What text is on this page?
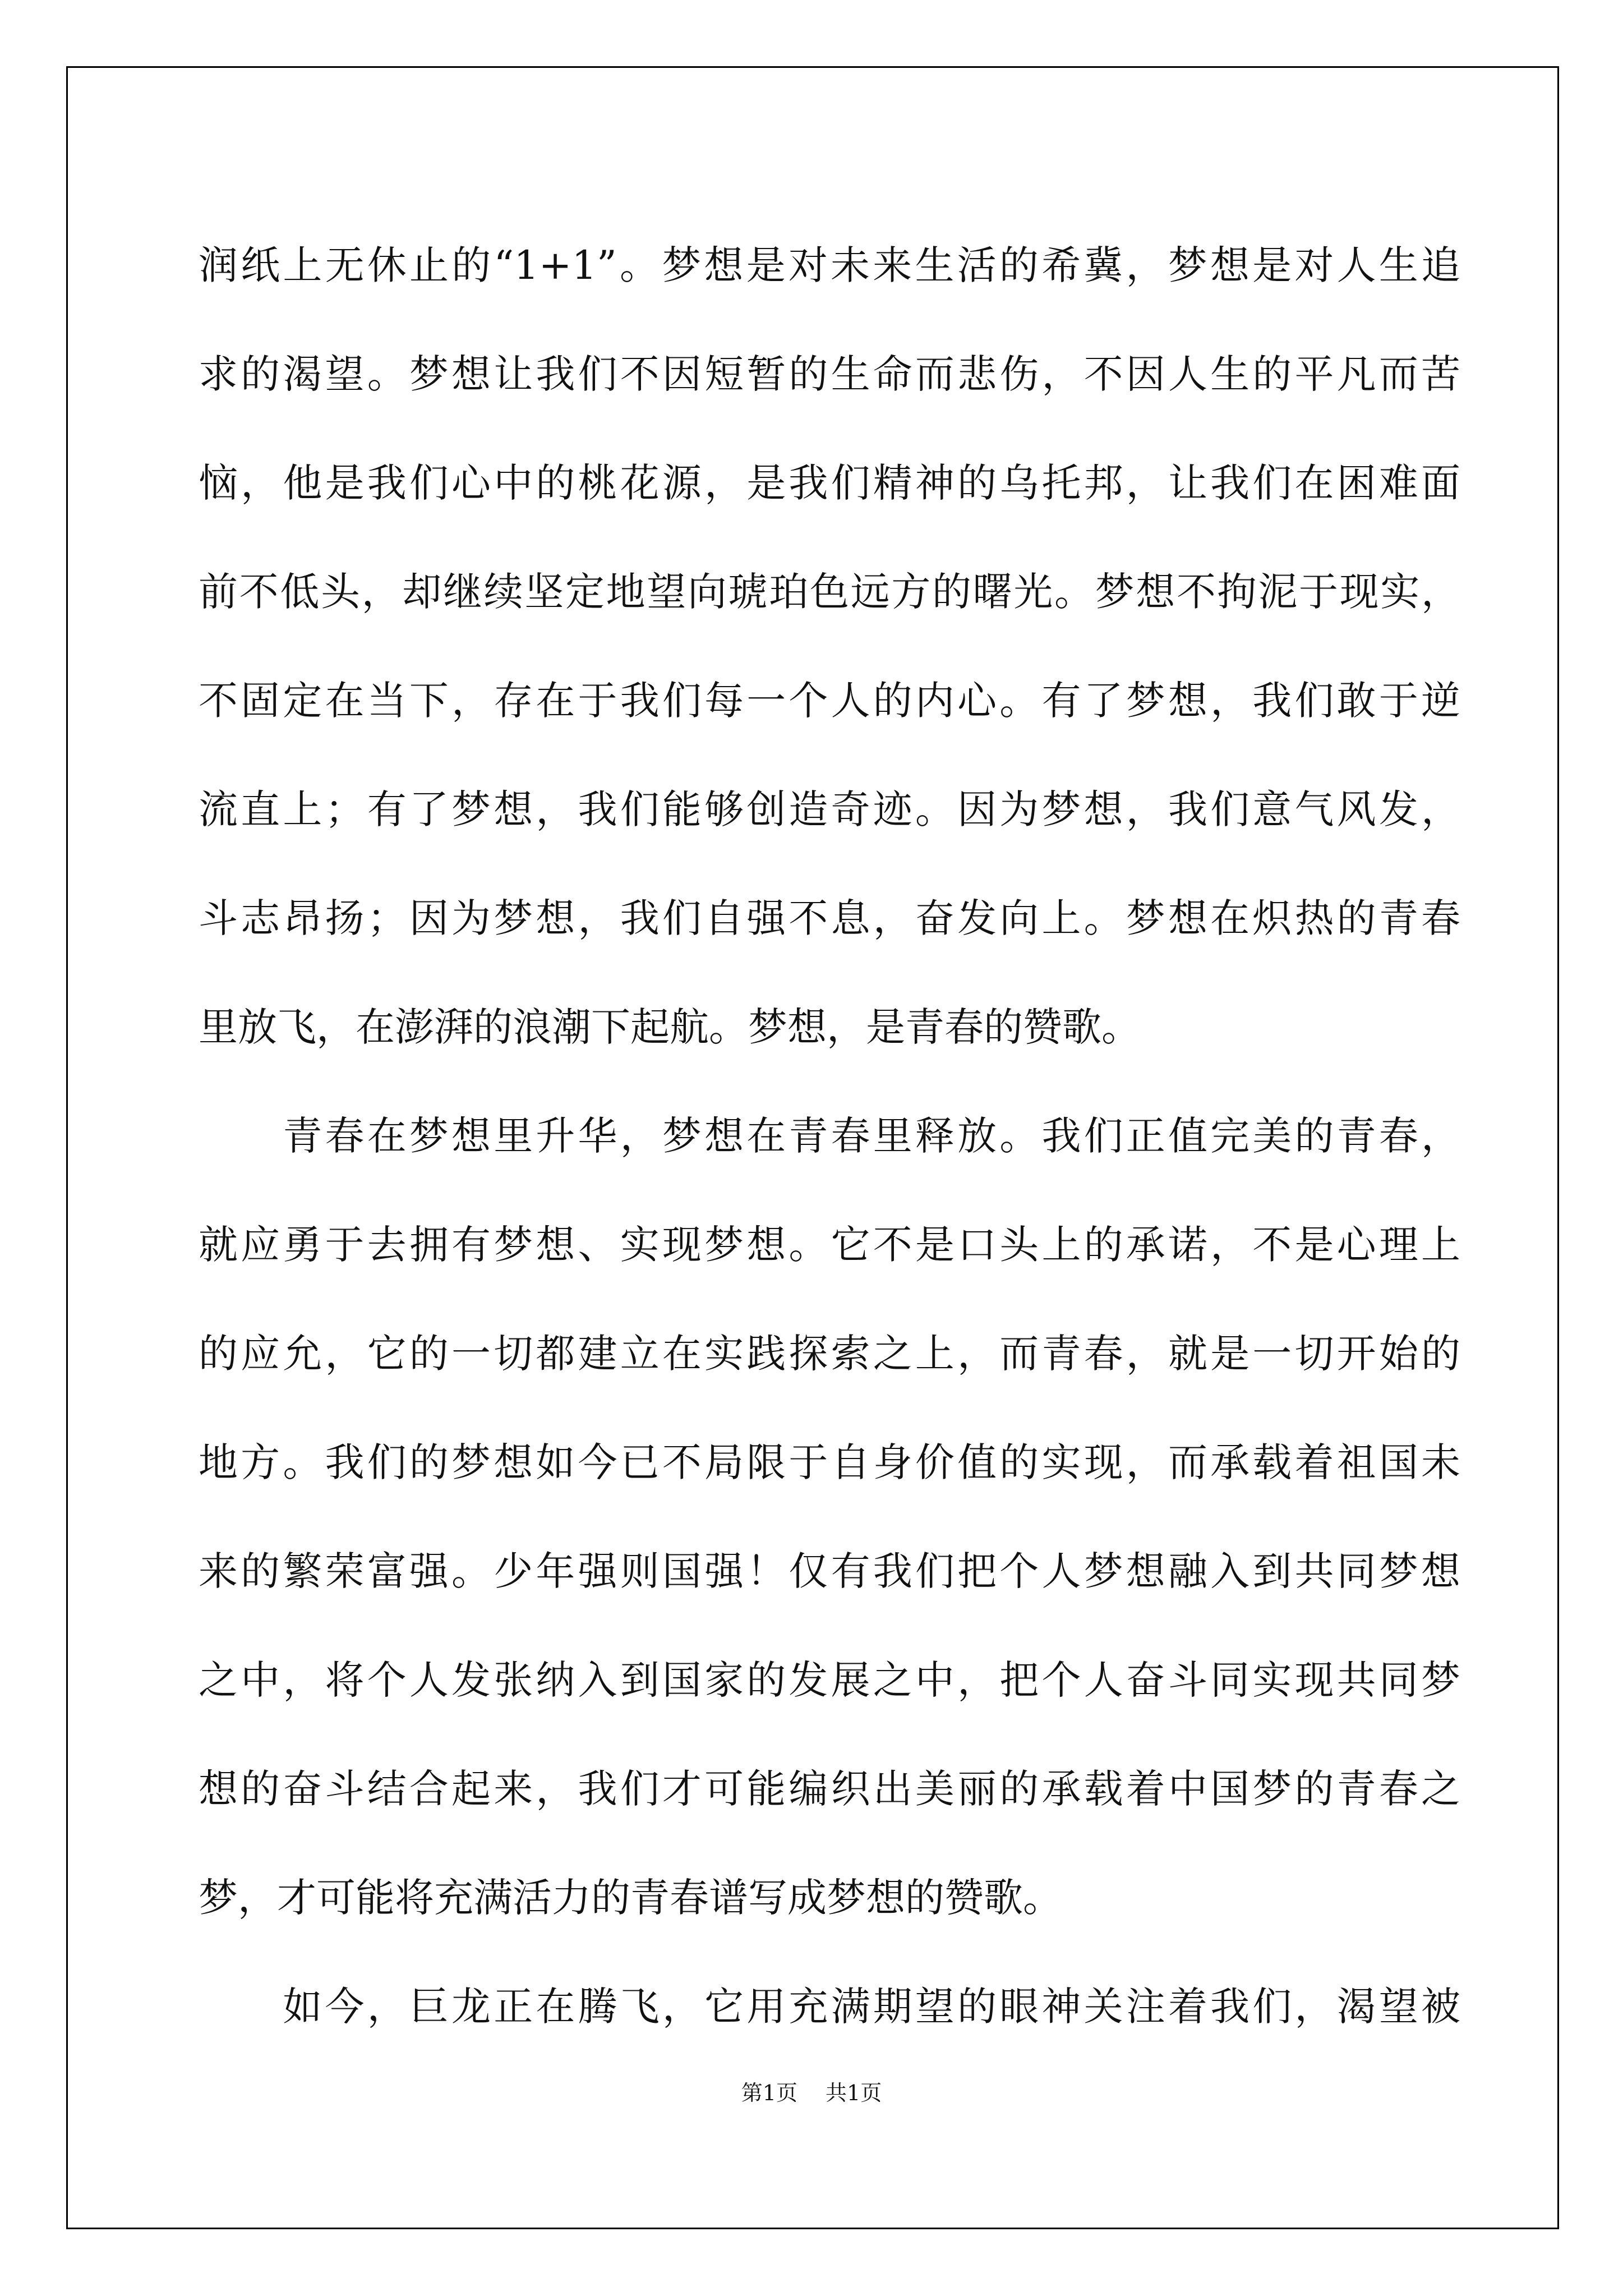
润纸上无休止的“1+1”。梦想是对未来生活的希冀，梦想是对人生追
求的渴望。梦想让我们不因短暂的生命而悲伤，不因人生的平凡而苦
恼，他是我们心中的桃花源，是我们精神的乌托邦，让我们在困难面
前不低头，却继续坚定地望向琥珀色远方的曙光。梦想不拘泥于现实，
不固定在当下，存在于我们每一个人的内心。有了梦想，我们敢于逆
流直上；有了梦想，我们能够创造奇迹。因为梦想，我们意气风发，
斗志昂扬；因为梦想，我们自强不息，奋发向上。梦想在炽热的青春
里放飞，在澎湃的浪潮下起航。梦想，是青春的赞歌。
　　青春在梦想里升华，梦想在青春里释放。我们正值完美的青春，
就应勇于去拥有梦想、实现梦想。它不是口头上的承诺，不是心理上
的应允，它的一切都建立在实践探索之上，而青春，就是一切开始的
地方。我们的梦想如今已不局限于自身价值的实现，而承载着祖国未
来的繁荣富强。少年强则国强！仅有我们把个人梦想融入到共同梦想
之中，将个人发张纳入到国家的发展之中，把个人奋斗同实现共同梦
想的奋斗结合起来，我们才可能编织出美丽的承载着中国梦的青春之
梦，才可能将充满活力的青春谱写成梦想的赞歌。
　　如今，巨龙正在腾飞，它用充满期望的眼神关注着我们，渴望被
第1页 共1页
